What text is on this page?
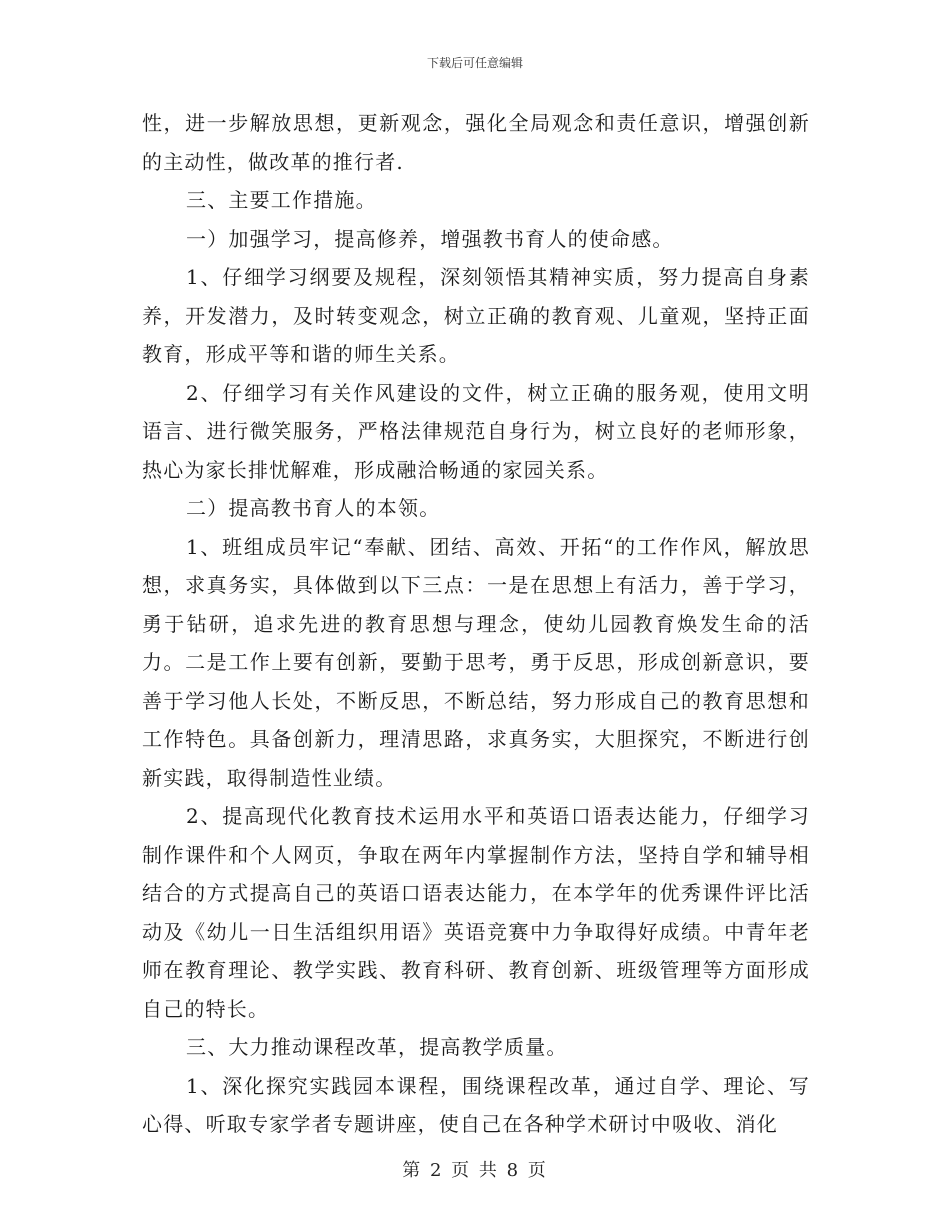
下载后可任意编辑

性，进一步解放思想，更新观念，强化全局观念和责任意识，增强创新的主动性，做改革的推行者.

三、主要工作措施。

一）加强学习，提高修养，增强教书育人的使命感。

1、仔细学习纲要及规程，深刻领悟其精神实质，努力提高自身素养，开发潜力，及时转变观念，树立正确的教育观、儿童观，坚持正面教育，形成平等和谐的师生关系。

2、仔细学习有关作风建设的文件，树立正确的服务观，使用文明语言、进行微笑服务，严格法律规范自身行为，树立良好的老师形象，热心为家长排忧解难，形成融洽畅通的家园关系。

二）提高教书育人的本领。

1、班组成员牢记“奉献、团结、高效、开拓“的工作作风，解放思想，求真务实，具体做到以下三点：一是在思想上有活力，善于学习，勇于钻研，追求先进的教育思想与理念，使幼儿园教育焕发生命的活力。二是工作上要有创新，要勤于思考，勇于反思，形成创新意识，要善于学习他人长处，不断反思，不断总结，努力形成自己的教育思想和工作特色。具备创新力，理清思路，求真务实，大胆探究，不断进行创新实践，取得制造性业绩。

2、提高现代化教育技术运用水平和英语口语表达能力，仔细学习制作课件和个人网页，争取在两年内掌握制作方法，坚持自学和辅导相结合的方式提高自己的英语口语表达能力，在本学年的优秀课件评比活动及《幼儿一日生活组织用语》英语竞赛中力争取得好成绩。中青年老师在教育理论、教学实践、教育科研、教育创新、班级管理等方面形成自己的特长。

三、大力推动课程改革，提高教学质量。

1、深化探究实践园本课程，围绕课程改革，通过自学、理论、写心得、听取专家学者专题讲座，使自己在各种学术研讨中吸收、消化

第 2 页 共 8 页
